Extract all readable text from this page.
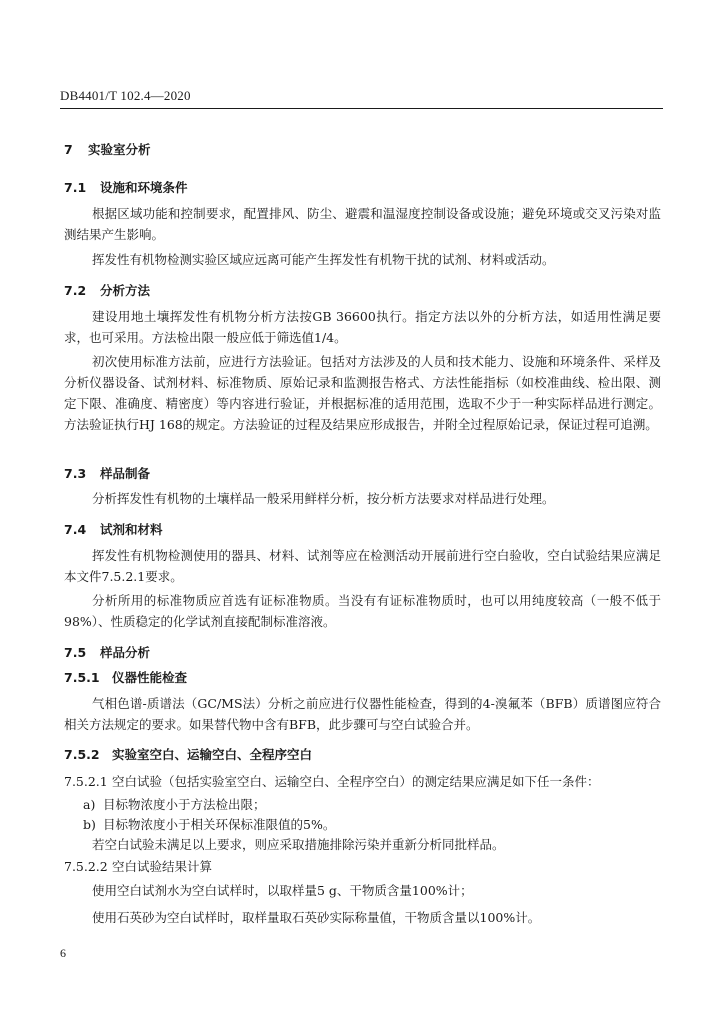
DB4401/T 102.4—2020
7 实验室分析
7.1 设施和环境条件
根据区域功能和控制要求，配置排风、防尘、避震和温湿度控制设备或设施；避免环境或交叉污染对监测结果产生影响。
挥发性有机物检测实验区域应远离可能产生挥发性有机物干扰的试剂、材料或活动。
7.2 分析方法
建设用地土壤挥发性有机物分析方法按GB 36600执行。指定方法以外的分析方法，如适用性满足要求，也可采用。方法检出限一般应低于筛选值1/4。
初次使用标准方法前，应进行方法验证。包括对方法涉及的人员和技术能力、设施和环境条件、采样及分析仪器设备、试剂材料、标准物质、原始记录和监测报告格式、方法性能指标（如校准曲线、检出限、测定下限、准确度、精密度）等内容进行验证，并根据标准的适用范围，选取不少于一种实际样品进行测定。方法验证执行HJ 168的规定。方法验证的过程及结果应形成报告，并附全过程原始记录，保证过程可追溯。
7.3 样品制备
分析挥发性有机物的土壤样品一般采用鲜样分析，按分析方法要求对样品进行处理。
7.4 试剂和材料
挥发性有机物检测使用的器具、材料、试剂等应在检测活动开展前进行空白验收，空白试验结果应满足本文件7.5.2.1要求。
分析所用的标准物质应首选有证标准物质。当没有有证标准物质时，也可以用纯度较高（一般不低于98%）、性质稳定的化学试剂直接配制标准溶液。
7.5 样品分析
7.5.1 仪器性能检查
气相色谱-质谱法（GC/MS法）分析之前应进行仪器性能检查，得到的4-溴氟苯（BFB）质谱图应符合相关方法规定的要求。如果替代物中含有BFB，此步骤可与空白试验合并。
7.5.2 实验室空白、运输空白、全程序空白
7.5.2.1 空白试验（包括实验室空白、运输空白、全程序空白）的测定结果应满足如下任一条件：
a) 目标物浓度小于方法检出限；
b) 目标物浓度小于相关环保标准限值的5%。
若空白试验未满足以上要求，则应采取措施排除污染并重新分析同批样品。
7.5.2.2 空白试验结果计算
使用空白试剂水为空白试样时，以取样量5 g、干物质含量100%计；
使用石英砂为空白试样时，取样量取石英砂实际称量值，干物质含量以100%计。
6
